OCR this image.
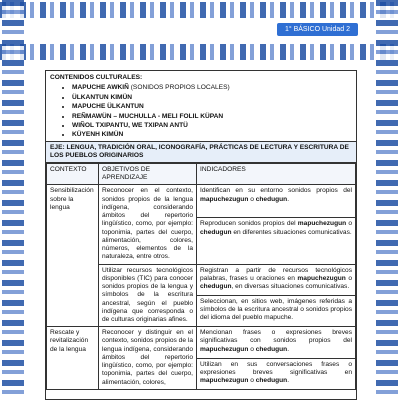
1° BÁSICO Unidad 2
CONTENIDOS CULTURALES:
• MAPUCHE AWKIÑ (SONIDOS PROPIOS LOCALES)
• ÜLKANTUN KIMÜN
• MAPUCHE ÜLKANTUN
• REÑMAWÜN – MUCHULLA - MELI FOLIL KÜPAN
• WIÑOL TXIPANTU, WE TXIPAN ANTÜ
• KÜYENH KIMÜN
EJE: LENGUA, TRADICIÓN ORAL, ICONOGRAFÍA, PRÁCTICAS DE LECTURA Y ESCRITURA DE LOS PUEBLOS ORIGINARIOS
CONTEXTO	OBJETIVOS DE APRENDIZAJE	INDICADORES
Sensibilización sobre la lengua	Reconocer en el contexto, sonidos propios de la lengua indígena, considerando ámbitos del repertorio lingüístico, como, por ejemplo: toponimia, partes del cuerpo, alimentación, colores, números, elementos de la naturaleza, entre otros.	Identifican en su entorno sonidos propios del mapuchezugun o chedugun.
		Reproducen sonidos propios del mapuchezugun o chedugun en diferentes situaciones comunicativas.
	Utilizar recursos tecnológicos disponibles (TIC) para conocer sonidos propios de la lengua y símbolos de la escritura ancestral, según el pueblo indígena que corresponda o de culturas originarias afines.	Registran a partir de recursos tecnológicos palabras, frases u oraciones en mapuchezugun o chedugun, en diversas situaciones comunicativas.
		Seleccionan, en sitios web, imágenes referidas a símbolos de la escritura ancestral o sonidos propios del idioma del pueblo mapuche.
Rescate y revitalización de la lengua	Reconocer y distinguir en el contexto, sonidos propios de la lengua indígena, considerando ámbitos del repertorio lingüístico, como, por ejemplo: toponimia, partes del cuerpo, alimentación, colores,	Mencionan frases o expresiones breves significativas con sonidos propios del mapuchezugun o chedugun.
		Utilizan en sus conversaciones frases o expresiones breves significativas en mapuchezugun o chedugun.
